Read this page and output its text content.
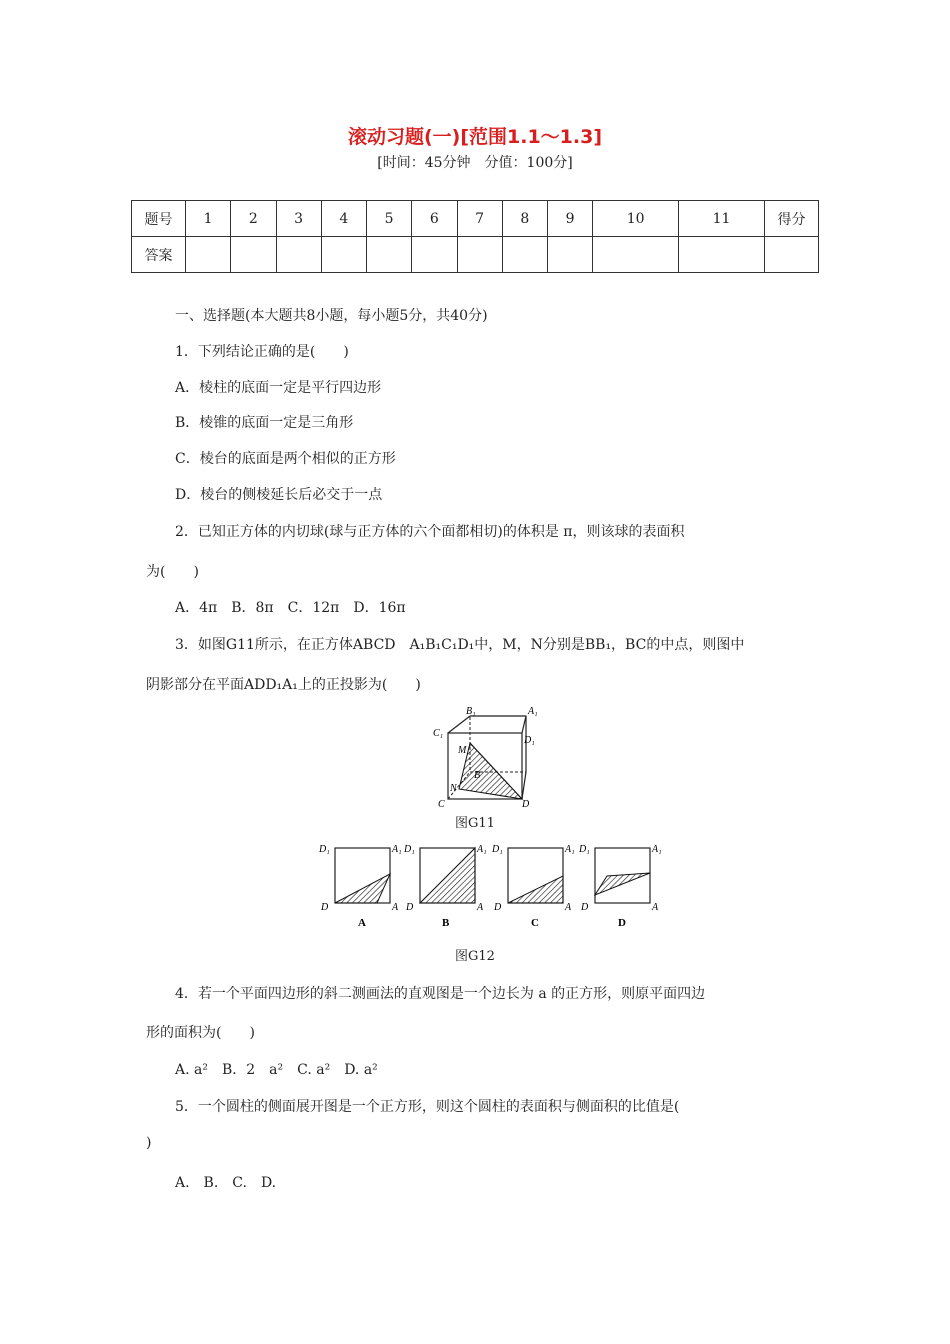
滚动习题(一)[范围1.1～1.3]
[时间：45分钟　分值：100分]
题号	1	2	3	4	5	6	7	8	9	10	11	得分
答案												
一、选择题(本大题共8小题，每小题5分，共40分)
1．下列结论正确的是(　　)
A．棱柱的底面一定是平行四边形
B．棱锥的底面一定是三角形
C．棱台的底面是两个相似的正方形
D．棱台的侧棱延长后必交于一点
2．已知正方体的内切球(球与正方体的六个面都相切)的体积是 π，则该球的表面积
为(　　)
A．4π　B．8π　C．12π　D．16π
3．如图G11所示，在正方体ABCD　A₁B₁C₁D₁中，M，N分别是BB₁，BC的中点，则图中
阴影部分在平面ADD₁A₁上的正投影为(　　)
B₁	A₁
C₁
D₁
M
B
N
C	D
图G11
D₁	A₁
D	A
A
D₁	A₁
D	A
B
D₁	A₁
D	A
C
D₁	A₁
D	A
D
图G12
4．若一个平面四边形的斜二测画法的直观图是一个边长为 a 的正方形，则原平面四边
形的面积为(　　)
A. a²　B．2　a²　C. a²　D. a²
5．一个圆柱的侧面展开图是一个正方形，则这个圆柱的表面积与侧面积的比值是(
)
A.　B.　C.　D.
